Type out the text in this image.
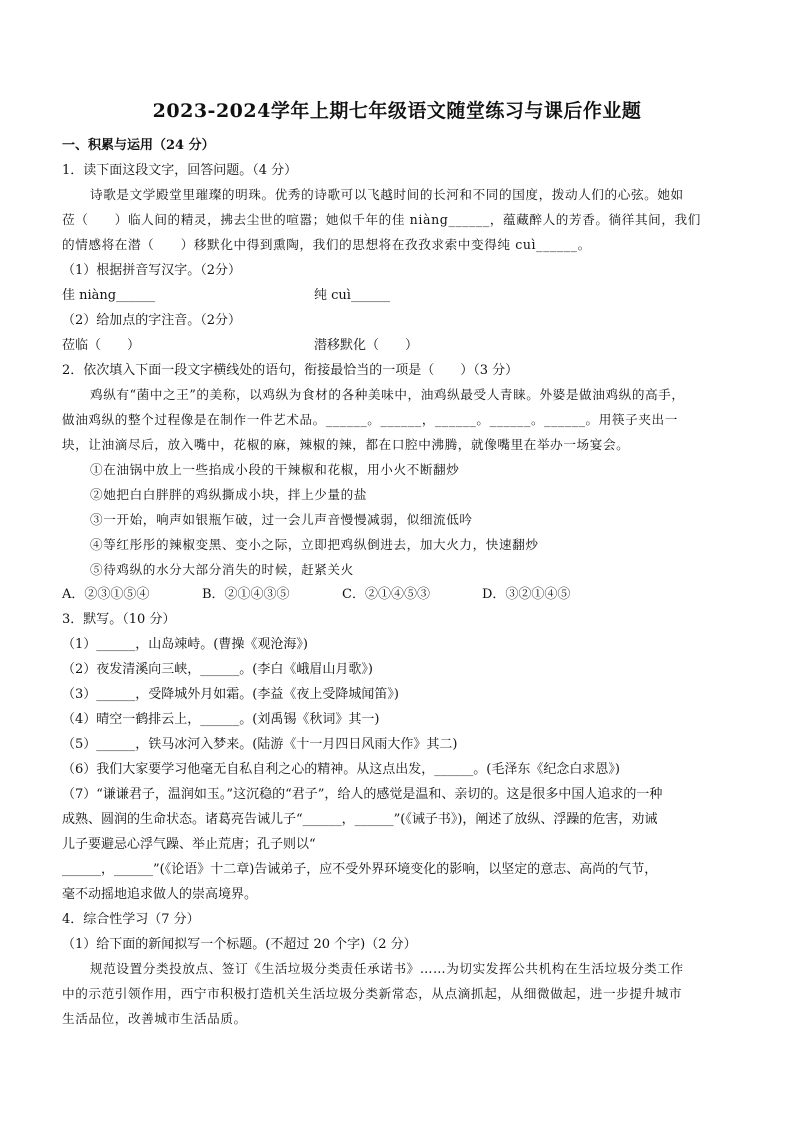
2023-2024学年上期七年级语文随堂练习与课后作业题
一、积累与运用（24 分）
1．读下面这段文字，回答问题。（4 分）
诗歌是文学殿堂里璀璨的明珠。优秀的诗歌可以飞越时间的长河和不同的国度，拨动人们的心弦。她如
莅（　　）临人间的精灵，拂去尘世的喧嚣；她似千年的佳 niàng______，蕴藏醉人的芳香。徜徉其间，我们
的情感将在潜（　　）移默化中得到熏陶，我们的思想将在孜孜求索中变得纯 cuì______。
（1）根据拼音写汉字。（2分）
佳 niàng______	纯 cuì______
（2）给加点的字注音。（2分）
莅临（　　）	潜移默化（　　）
2．依次填入下面一段文字横线处的语句，衔接最恰当的一项是（　　）（3 分）
鸡纵有“菌中之王”的美称，以鸡纵为食材的各种美味中，油鸡纵最受人青睐。外婆是做油鸡纵的高手，
做油鸡纵的整个过程像是在制作一件艺术品。______。______，______。______。______。用筷子夹出一
块，让油滴尽后，放入嘴中，花椒的麻，辣椒的辣，都在口腔中沸腾，就像嘴里在举办一场宴会。
①在油锅中放上一些掐成小段的干辣椒和花椒，用小火不断翻炒
②她把白白胖胖的鸡纵撕成小块，拌上少量的盐
③一开始，响声如银瓶乍破，过一会儿声音慢慢减弱，似细流低吟
④等红彤彤的辣椒变黑、变小之际，立即把鸡纵倒进去，加大火力，快速翻炒
⑤待鸡纵的水分大部分消失的时候，赶紧关火
A．②③①⑤④	B．②①④③⑤	C．②①④⑤③	D．③②①④⑤
3．默写。（10 分）
（1）______，山岛竦峙。(曹操《观沧海》)
（2）夜发清溪向三峡，______。(李白《峨眉山月歌》)
（3）______，受降城外月如霜。(李益《夜上受降城闻笛》)
（4）晴空一鹤排云上，______。(刘禹锡《秋词》其一)
（5）______，铁马冰河入梦来。(陆游《十一月四日风雨大作》其二)
（6）我们大家要学习他毫无自私自利之心的精神。从这点出发，______。(毛泽东《纪念白求恩》)
（7）“谦谦君子，温润如玉。”这沉稳的“君子”，给人的感觉是温和、亲切的。这是很多中国人追求的一种
成熟、圆润的生命状态。诸葛亮告诫儿子“______，______”(《诫子书》)，阐述了放纵、浮躁的危害，劝诫
儿子要避忌心浮气躁、举止荒唐；孔子则以“
______，______”(《论语》十二章)告诫弟子，应不受外界环境变化的影响，以坚定的意志、高尚的气节，
毫不动摇地追求做人的崇高境界。
4．综合性学习（7 分）
（1）给下面的新闻拟写一个标题。(不超过 20 个字)（2 分）
规范设置分类投放点、签订《生活垃圾分类责任承诺书》……为切实发挥公共机构在生活垃圾分类工作
中的示范引领作用，西宁市积极打造机关生活垃圾分类新常态，从点滴抓起，从细微做起，进一步提升城市
生活品位，改善城市生活品质。
